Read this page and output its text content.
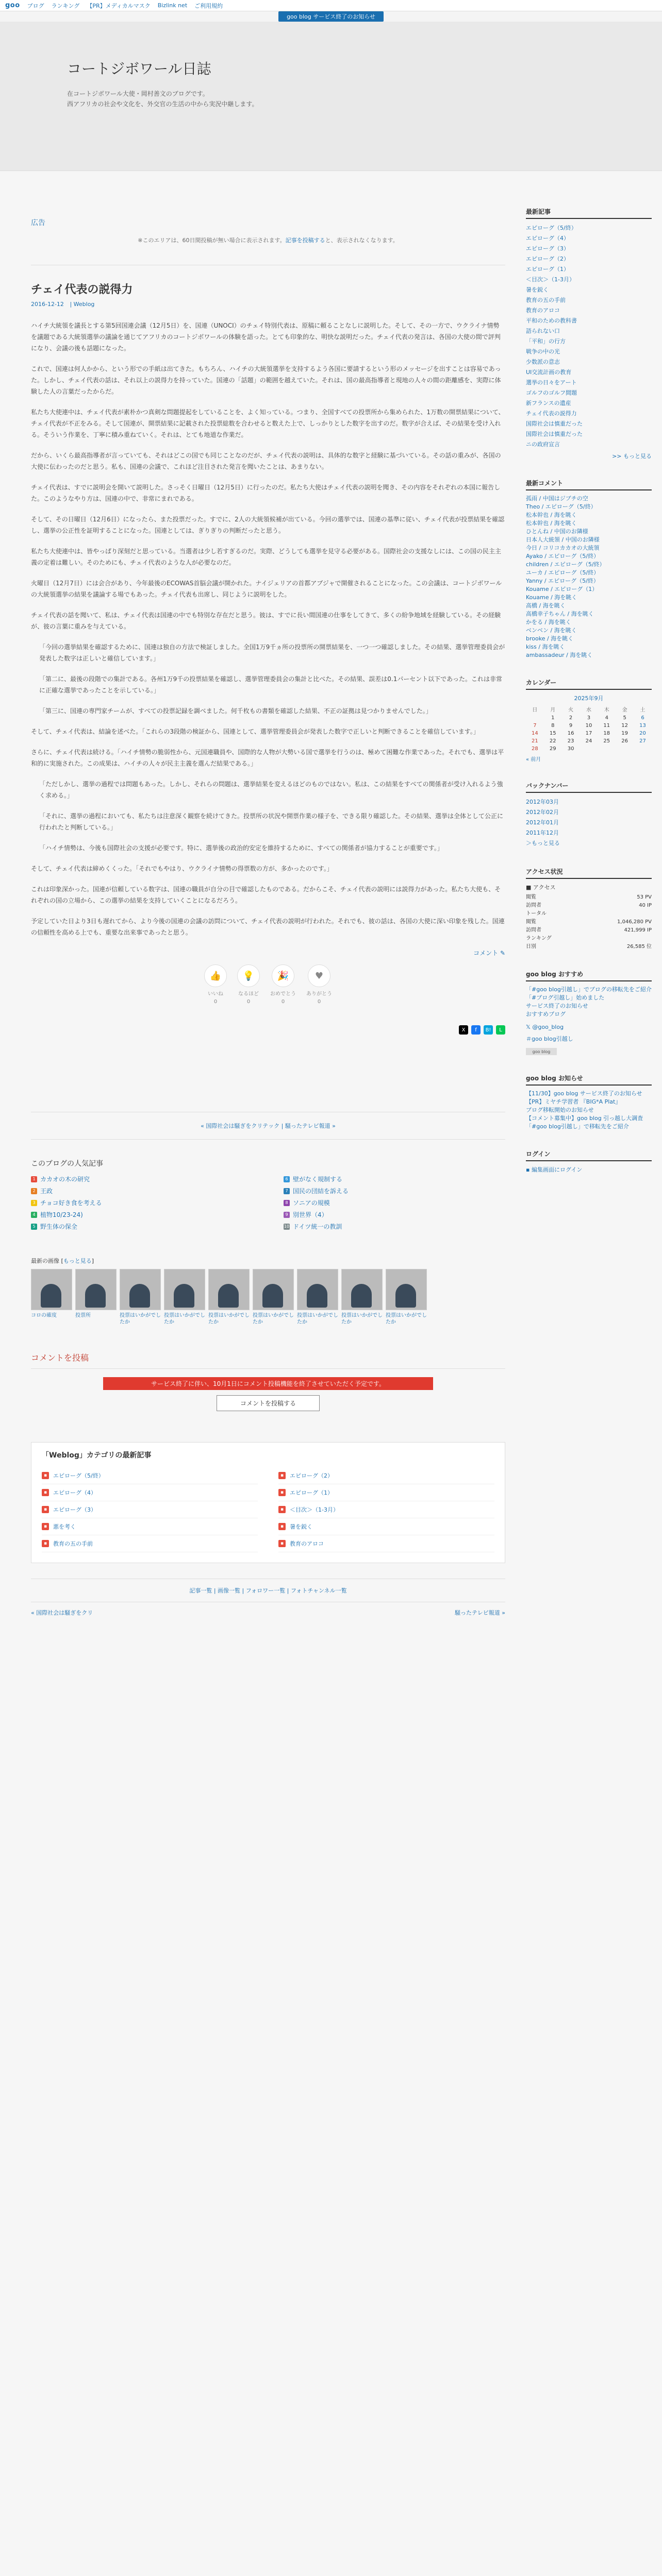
goo ブログ ランキング 【PR】メディカルマスク Bizlink net ご利用規約
goo blog サービス終了のお知らせ
コートジボワール日誌
在コートジボワール大使・岡村善文のブログです。
西アフリカの社会や文化を、外交官の生活の中から実況中継します。
広告
※このエリアは、60日間投稿が無い場合に表示されます。記事を投稿すると、表示されなくなります。
チェイ代表の説得力
2016-12-12 | Weblog

ハイチ大統領を議長とする第5回国連会議（12月5日）を、国連（UNOCI）のチェイ特別代表は、原稿に頼ることなしに説明した。そして、その一方で、ウクライナ情勢を議題である大統領選挙の議論を通じてアフリカのコートジボワールの体験を語った。とても印象的な、明快な説明だった。チェイ代表の発言は、各国の大使の間で評判になり、会議の後も話題になった。

これで、国連は何人かから、という形での手紙は出てきた。もちろん、ハイチの大統領選挙を支持するよう各国に要請するという形のメッセージを出すことは容易であった。しかし、チェイ代表の話は、それ以上の説得力を持っていた。国連の「話題」の範囲を越えていた。それは、国の最高指導者と現地の人々の間の距離感を、実際に体験した人の言葉だったからだ。

私たち大使連中は、チェイ代表が素朴かつ真剣な問題提起をしていることを、よく知っている。つまり、全国すべての投票所から集められた、1万数の開票結果について、チェイ代表が不正をみる。そして国連が、開票結果に記載された投票総数を合わせると数えた上で、しっかりとした数字を出すのだ。数字が合えば、その結果を受け入れる。そういう作業を、丁寧に積み重ねていく。それは、とても地道な作業だ。

だから、いくら最高指導者が言っていても、それはどこの国でも同じことなのだが、チェイ代表の説明は、具体的な数字と経験に基づいている。その話の重みが、各国の大使に伝わったのだと思う。私も、国連の会議で、これほど注目された発言を聞いたことは、あまりない。

チェイ代表は、すでに説明会を開いて説明した。さっそく日曜日（12月5日）に行ったのだ。私たち大使はチェイ代表の説明を聞き、その内容をそれぞれの本国に報告した。このようなやり方は、国連の中で、非常にまれである。

そして、その日曜日（12月6日）になったら、また投票だった。すでに、2人の大統領候補が出ている。今回の選挙では、国連の基準に従い、チェイ代表が投票結果を確認し、選挙の公正性を証明することになった。国連としては、ぎりぎりの判断だったと思う。

私たち大使連中は、皆やっぱり深刻だと思っている。当選者は少し若すぎるのだ。実際、どうしても選挙を見守る必要がある。国際社会の支援なしには、この国の民主主義の定着は難しい。そのためにも、チェイ代表のような人が必要なのだ。

火曜日（12月7日）には会合があり、今年最後のECOWAS首脳会議が開かれた。ナイジェリアの首都アブジャで開催されることになった。この会議は、コートジボワールの大統領選挙の結果を議論する場でもあった。チェイ代表も出席し、同じように説明をした。

チェイ代表の話を聞いて、私は、チェイ代表は国連の中でも特別な存在だと思う。彼は、すでに長い間国連の仕事をしてきて、多くの紛争地域を経験している。その経験が、彼の言葉に重みを与えている。

「今回の選挙結果を確認するために、国連は独自の方法で検証しました。全国1万9千ヵ所の投票所の開票結果を、一つ一つ確認しました。その結果、選挙管理委員会が発表した数字は正しいと確信しています。」

「第二に、最後の段階での集計である。各州1万9千の投票結果を確認し、選挙管理委員会の集計と比べた。その結果、誤差は0.1パーセント以下であった。これは非常に正確な選挙であったことを示している。」

「第三に、国連の専門家チームが、すべての投票記録を調べました。何千枚もの書類を確認した結果、不正の証拠は見つかりませんでした。」

そして、チェイ代表は、結論を述べた。「これらの3段階の検証から、国連として、選挙管理委員会が発表した数字で正しいと判断できることを確信しています。」

さらに、チェイ代表は続ける。「ハイチ情勢の脆弱性から、元国連職員や、国際的な人物が大勢いる国で選挙を行うのは、極めて困難な作業であった。それでも、選挙は平和的に実施された。この成果は、ハイチの人々が民主主義を選んだ結果である。」

「ただしかし、選挙の過程では問題もあった。しかし、それらの問題は、選挙結果を変えるほどのものではない。私は、この結果をすべての関係者が受け入れるよう強く求める。」

「それに、選挙の過程においても、私たちは注意深く観察を続けてきた。投票所の状況や開票作業の様子を、できる限り確認した。その結果、選挙は全体として公正に行われたと判断している。」

「ハイチ情勢は、今後も国際社会の支援が必要です。特に、選挙後の政治的安定を維持するために、すべての関係者が協力することが重要です。」

そして、チェイ代表は締めくくった。「それでもやはり、ウクライナ情勢の得票数の方が、多かったのです。」

これは印象深かった。国連が信頼している数字は、国連の職員が自分の目で確認したものである。だからこそ、チェイ代表の説明には説得力があった。私たち大使も、それぞれの国の立場から、この選挙の結果を支持していくことになるだろう。

予定していた日より3日も遅れてから、より今後の国連の会議の訪問について、チェイ代表の説明が行われた。それでも、彼の話は、各国の大使に深い印象を残した。国連の信頼性を高める上でも、重要な出来事であったと思う。

コメント ✎
👍
いいね
0
💡
なるほど
0
🎉
おめでとう
0
♥
ありがとう
0
X	f	B!	L
« 国際社会は騒ぎをクリテック | 騒ったテレビ報道 »
このブログの人気記事
1 カカオの木の研究	6 壁がなく規制する
2 王政	7 国民の団結を訴える
3 チョコ好き食を考える	8 ソニアの規模
4 植物10/23-24)	9 別世界（4）
5 野生体の保全	10 ドイツ統一の教訓
最新の画像 [もっと見る]
コロの確度	投票所	投票はいかがでしたか
投票はいかがでしたか
投票はいかがでしたか
投票はいかがでしたか
投票はいかがでしたか
投票はいかがでしたか
投票はいかがでしたか
コメントを投稿
サービス終了に伴い、10月1日にコメント投稿機能を終了させていただく予定です。
コメントを投稿する
「Weblog」カテゴリの最新記事
▪	エピローグ（5/終）
▪	エピローグ（4）
▪	エピローグ（3）
▪	悪を考く
▪	教育の五の手前
▪	エピローグ（2）
▪	エピローグ（1）
▪	＜目次＞（1-3月）
▪	暑を鋭く
▪	教育のアロコ
記事一覧 | 画像一覧 | フォロワー一覧 | フォトチャンネル一覧
« 国際社会は騒ぎをクリ	騒ったテレビ報道 »
最新記事
エピローグ（5/終）
エピローグ（4）
エピローグ（3）
エピローグ（2）
エピローグ（1）
＜目次＞（1-3月）
暑を鋭く
教育の五の手前
教育のアロコ
平和のための教科書
語られない口
「平和」の行方
戦争の中の光
少数派の意志
UI交流計画の教育
選挙の日々をアート
ゴルフのゴルフ間題
新フランスの遺産
チェイ代表の説得力
国際社会は慎重だった
国際社会は慎重だった
ニの政府宣言
>> もっと見る
最新コメント
孤雨 / 中国はジブチの空
Theo / エピローグ（5/終）
松本幹也 / 海を眺く
松本幹也 / 海を眺く
ひとんね / 中国のお隣様
日本人大統領 / 中国のお隣様
今日 / コリコカカオの大統領
Ayako / エピローグ（5/終）
children / エピローグ（5/終）
ユーカ / エピローグ（5/終）
Yanny / エピローグ（5/終）
Kouame / エピローグ（1）
Kouame / 海を眺く
高橋 / 海を眺く
高橋幸子ちゃん / 海を眺く
かをる / 海を眺く
ベンベン / 海を眺く
brooke / 海を眺く
kiss / 海を眺く
ambassadeur / 海を眺く
カレンダー
2025年9月
日	月	火	水	木	金	土
	1	2	3	4	5	6
7	8	9	10	11	12	13
14	15	16	17	18	19	20
21	22	23	24	25	26	27
28	29	30				
« 前月
バックナンバー
2012年03月
2012年02月
2012年01月
2011年12月
＞もっと見る
アクセス状況
■ アクセス
閲覧	53 PV
訪問者	40 IP
トータル
閲覧	1,046,280 PV
訪問者	421,999 IP
ランキング
日別	26,585 位
goo blog おすすめ
「#goo blog引越し」でブログの移転先をご紹介
「#ブログ引越し」始めました
サービス終了のお知らせ
おすすめブログ
𝕏 @goo_blog
＃goo blog引越し
goo blog
goo blog お知らせ
【11/30】goo blog サービス終了のお知らせ
【PR】ミヤチ学習者 『BIG*A Plat』
ブログ移転開始のお知らせ
【コメント募集中】goo blog 引っ越し大調査
「#goo blog引越し」で移転先をご紹介
ログイン
▪ 編集画面にログイン
